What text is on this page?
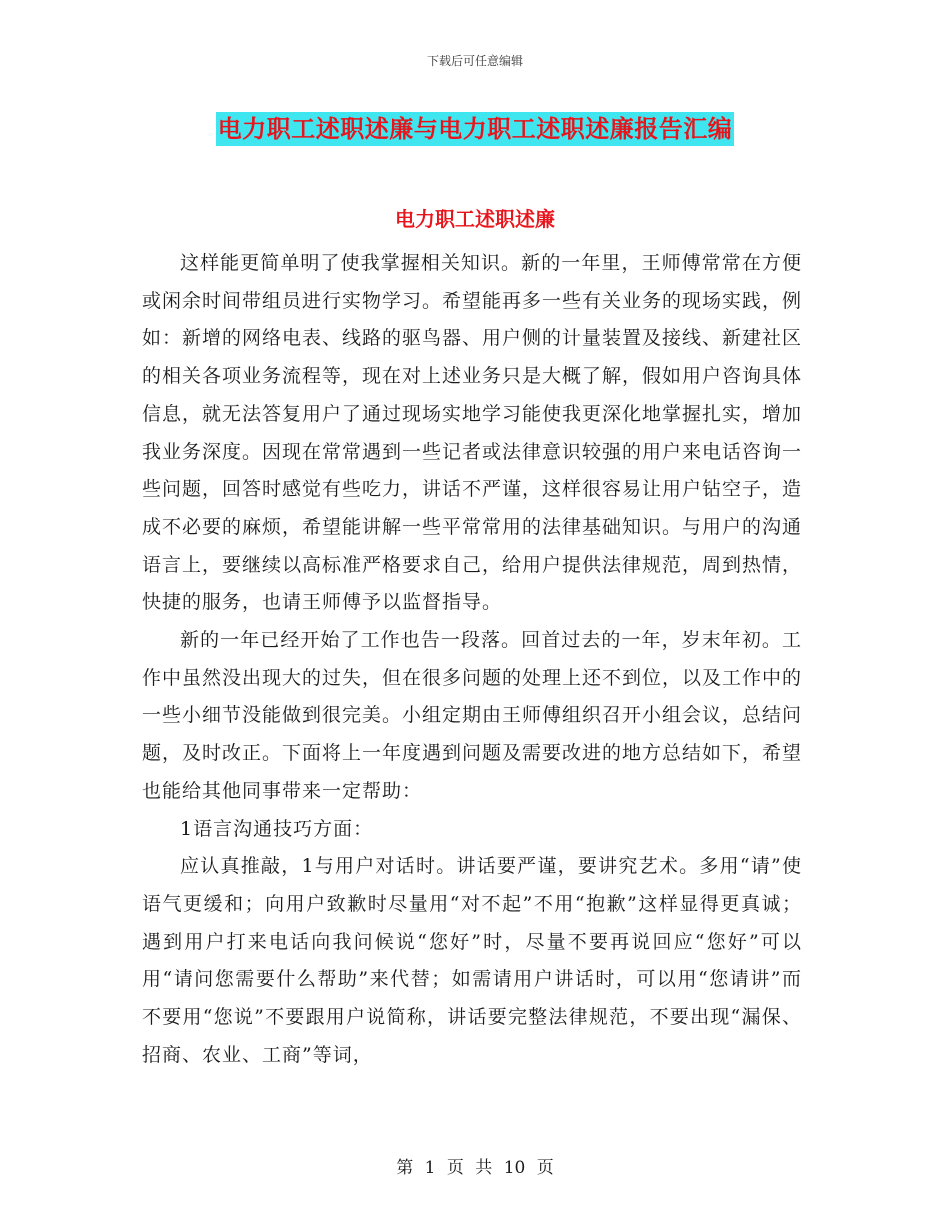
下载后可任意编辑
电力职工述职述廉与电力职工述职述廉报告汇编
电力职工述职述廉

这样能更简单明了使我掌握相关知识。新的一年里，王师傅常常在方便或闲余时间带组员进行实物学习。希望能再多一些有关业务的现场实践，例如：新增的网络电表、线路的驱鸟器、用户侧的计量装置及接线、新建社区的相关各项业务流程等，现在对上述业务只是大概了解，假如用户咨询具体信息，就无法答复用户了通过现场实地学习能使我更深化地掌握扎实，增加我业务深度。因现在常常遇到一些记者或法律意识较强的用户来电话咨询一些问题，回答时感觉有些吃力，讲话不严谨，这样很容易让用户钻空子，造成不必要的麻烦，希望能讲解一些平常常用的法律基础知识。与用户的沟通语言上，要继续以高标准严格要求自己，给用户提供法律规范，周到热情，快捷的服务，也请王师傅予以监督指导。

新的一年已经开始了工作也告一段落。回首过去的一年，岁末年初。工作中虽然没出现大的过失，但在很多问题的处理上还不到位，以及工作中的一些小细节没能做到很完美。小组定期由王师傅组织召开小组会议，总结问题，及时改正。下面将上一年度遇到问题及需要改进的地方总结如下，希望也能给其他同事带来一定帮助：

1语言沟通技巧方面：

应认真推敲，1与用户对话时。讲话要严谨，要讲究艺术。多用“请”使语气更缓和；向用户致歉时尽量用“对不起”不用“抱歉”这样显得更真诚；遇到用户打来电话向我问候说“您好”时，尽量不要再说回应“您好”可以用“请问您需要什么帮助”来代替；如需请用户讲话时，可以用“您请讲”而不要用“您说”不要跟用户说简称，讲话要完整法律规范，不要出现“漏保、招商、农业、工商”等词，

第 1 页 共 10 页
